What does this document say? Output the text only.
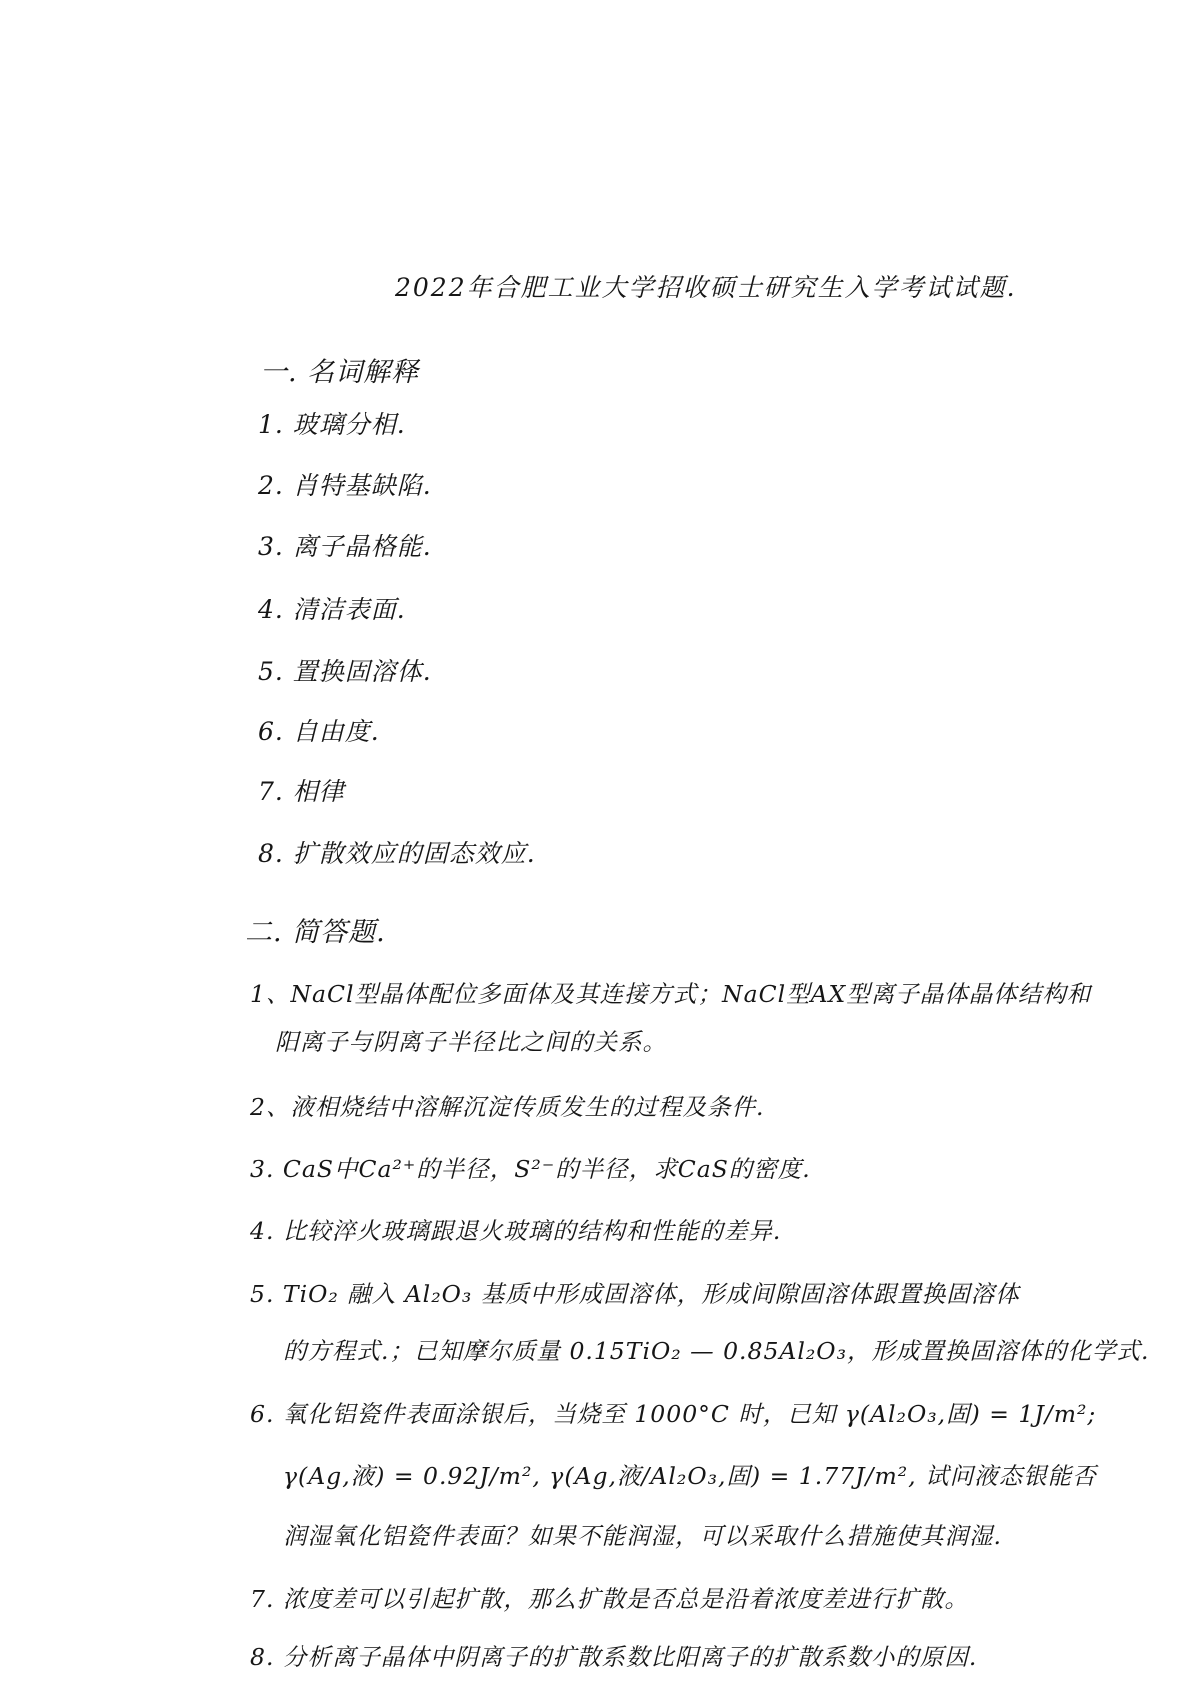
2022年合肥工业大学招收硕士研究生入学考试试题.
一. 名词解释
1. 玻璃分相.
2. 肖特基缺陷.
3. 离子晶格能.
4. 清洁表面.
5. 置换固溶体.
6. 自由度.
7. 相律
8. 扩散效应的固态效应.
二. 简答题.
1、NaCl型晶体配位多面体及其连接方式；NaCl型AX型离子晶体晶体结构和
阳离子与阴离子半径比之间的关系。
2、液相烧结中溶解沉淀传质发生的过程及条件.
3. CaS中Ca²⁺的半径，S²⁻的半径，求CaS的密度.
4. 比较淬火玻璃跟退火玻璃的结构和性能的差异.
5. TiO₂ 融入 Al₂O₃ 基质中形成固溶体，形成间隙固溶体跟置换固溶体
的方程式.；已知摩尔质量 0.15TiO₂ — 0.85Al₂O₃，形成置换固溶体的化学式.
6. 氧化铝瓷件表面涂银后，当烧至 1000°C 时，已知 γ(Al₂O₃,固) = 1J/m²;
γ(Ag,液) = 0.92J/m², γ(Ag,液/Al₂O₃,固) = 1.77J/m², 试问液态银能否
润湿氧化铝瓷件表面？如果不能润湿，可以采取什么措施使其润湿.
7. 浓度差可以引起扩散，那么扩散是否总是沿着浓度差进行扩散。
8. 分析离子晶体中阴离子的扩散系数比阳离子的扩散系数小的原因.
